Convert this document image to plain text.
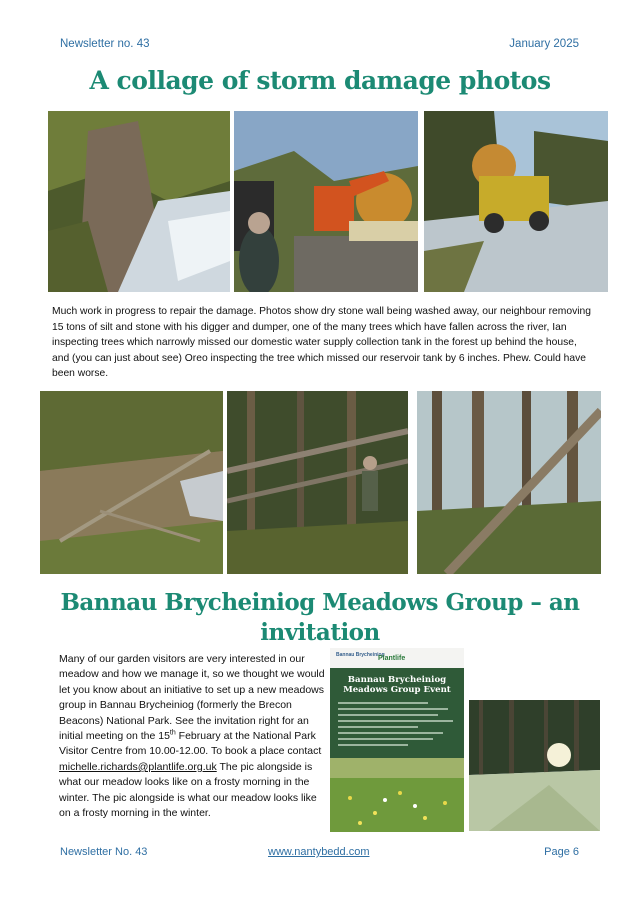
Newsletter no. 43	January 2025
A collage of storm damage photos
Much work in progress to repair the damage. Photos show dry stone wall being washed away, our neighbour removing 15 tons of silt and stone with his digger and dumper, one of the many trees which have fallen across the river, Ian inspecting trees which narrowly missed our domestic water supply collection tank in the forest up behind the house, and (you can just about see) Oreo inspecting the tree which missed our reservoir tank by 6 inches. Phew. Could have been worse.
Bannau Brycheiniog Meadows Group – an
invitation
Many of our garden visitors are very interested in our meadow and how we manage it, so we thought we would let you know about an initiative to set up a new meadows group in Bannau Brycheiniog (formerly the Brecon Beacons) National Park. See the invitation right for an initial meeting on the 15th February at the National Park Visitor Centre from 10.00-12.00. To book a place contact michelle.richards@plantlife.org.uk The pic alongside is what our meadow looks like on a frosty morning in the winter. The pic alongside is what our meadow looks like on a frosty morning in the winter.
Bannau Brycheiniog
Plantlife
Bannau Brycheiniog Meadows Group Event
Newsletter No. 43	www.nantybedd.com	Page 6
